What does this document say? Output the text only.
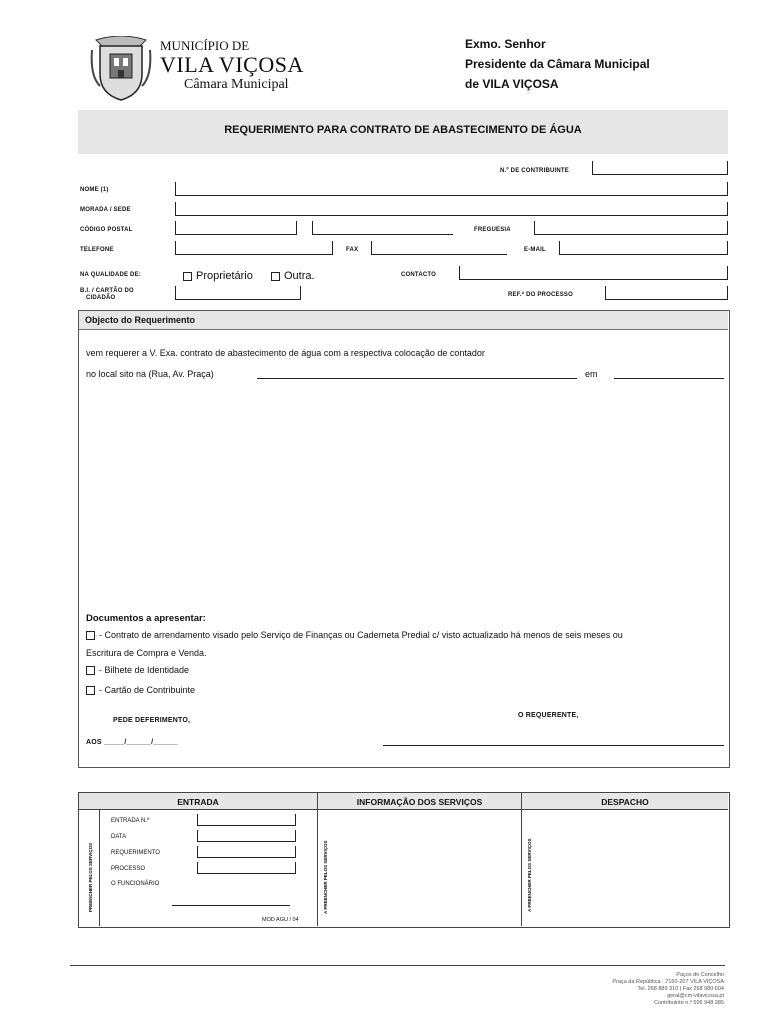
MUNICÍPIO DE
VILA VIÇOSA
Câmara Municipal
Exmo. Senhor
Presidente da Câmara Municipal
de VILA VIÇOSA
REQUERIMENTO PARA CONTRATO DE ABASTECIMENTO DE ÁGUA
N.º DE CONTRIBUINTE
NOME (1)
MORADA / SEDE
CÓDIGO POSTAL	FREGUESIA
TELEFONE	FAX	E-MAIL
NA QUALIDADE DE:	Proprietário	Outra.	CONTACTO
B.I. / CARTÃO DO
CIDADÃO	REF.ª DO PROCESSO
Objecto do Requerimento
vem requerer a V. Exa. contrato de abastecimento de água com a respectiva colocação de contador
no local sito na (Rua, Av. Praça)	em
Documentos a apresentar:
- Contrato de arrendamento visado pelo Serviço de Finanças ou Caderneta Predial c/ visto actualizado há menos de seis meses ou
Escritura de Compra e Venda.
- Bilhete de Identidade
- Cartão de Contribuinte
PEDE DEFERIMENTO,
O REQUERENTE,
AOS _____/______/______
ENTRADA	INFORMAÇÃO DOS SERVIÇOS	DESPACHO
PREENCHER PELOS SERVIÇOS
ENTRADA N.º
DATA
REQUERIMENTO
PROCESSO
O FUNCIONÁRIO
MOD AGU / 04
A PREENCHER PELOS SERVIÇOS	A PREENCHER PELOS SERVIÇOS
Paços do Concelho
Praça da República · 7160-207 VILA VIÇOSA
Tel. 268 889 310 | Fax 268 980 604
geral@cm-vilavicosa.pt
Contribuinte n.º 506 948 285
